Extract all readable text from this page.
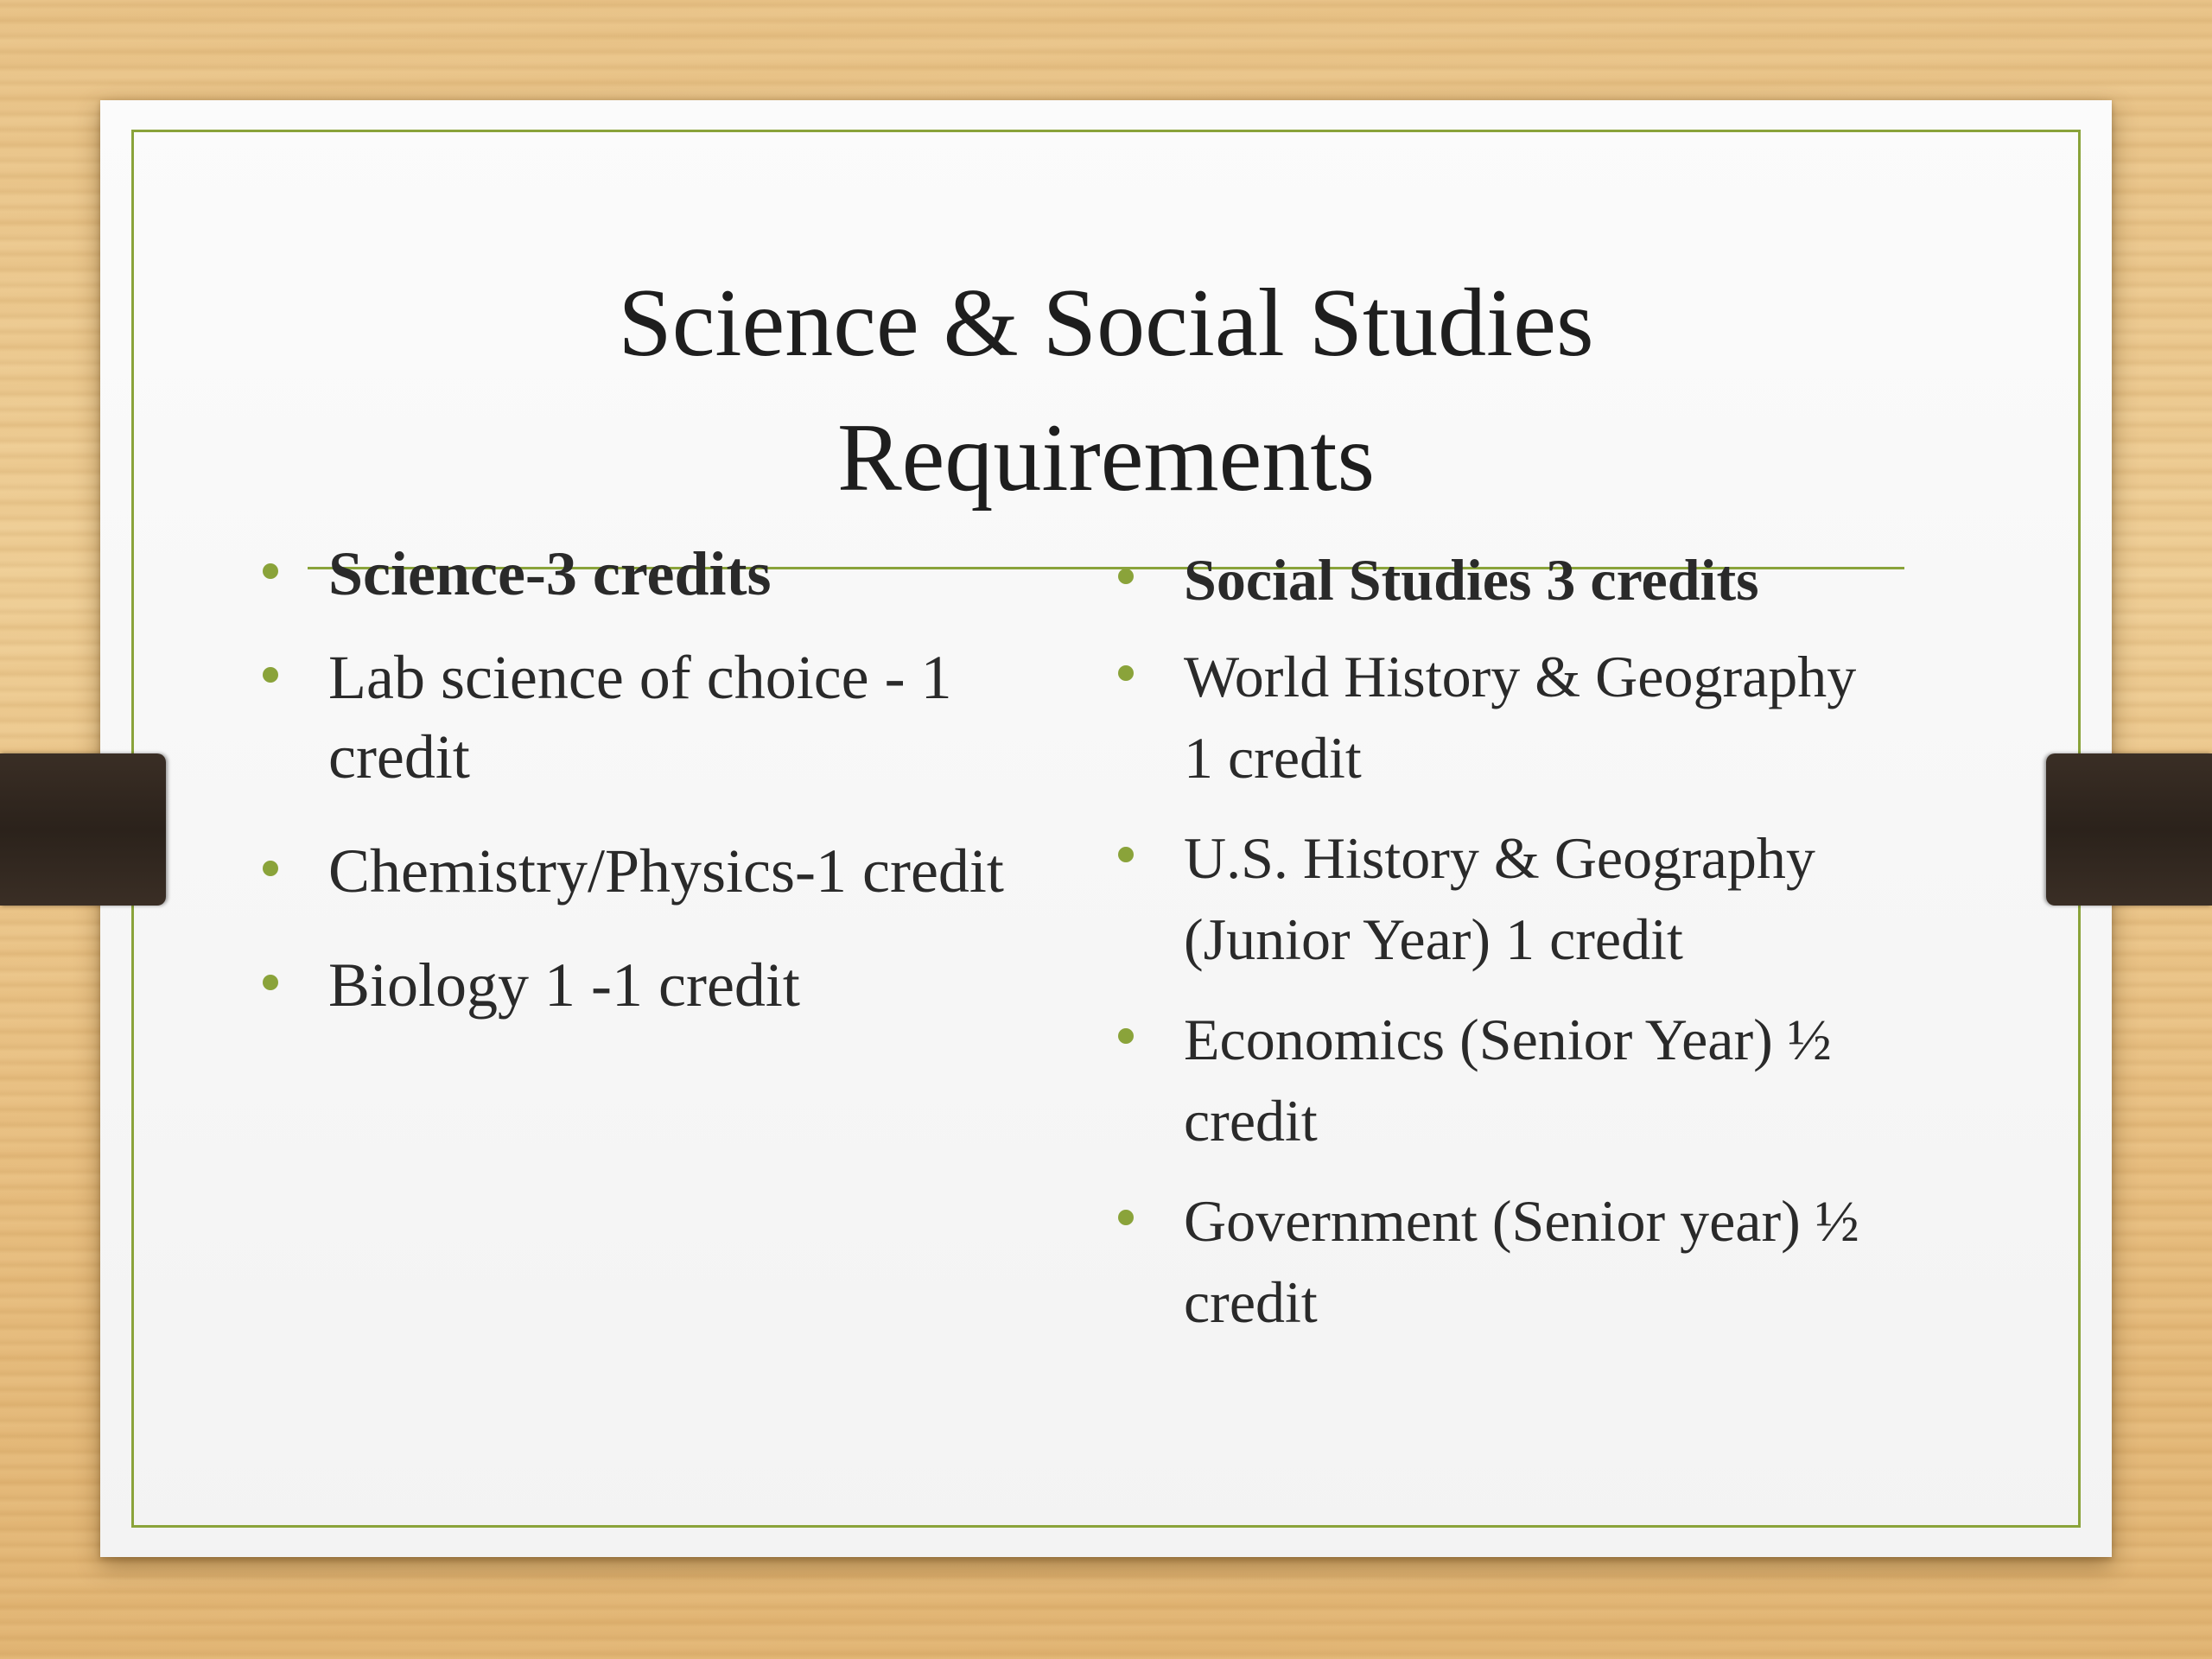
Science & Social Studies
Requirements
Science-3 credits
Lab science of choice - 1 credit
Chemistry/Physics-1 credit
Biology 1 -1 credit
Social Studies 3 credits
World History & Geography 1 credit
U.S. History & Geography (Junior Year) 1 credit
Economics (Senior Year) ½ credit
Government (Senior year) ½ credit
